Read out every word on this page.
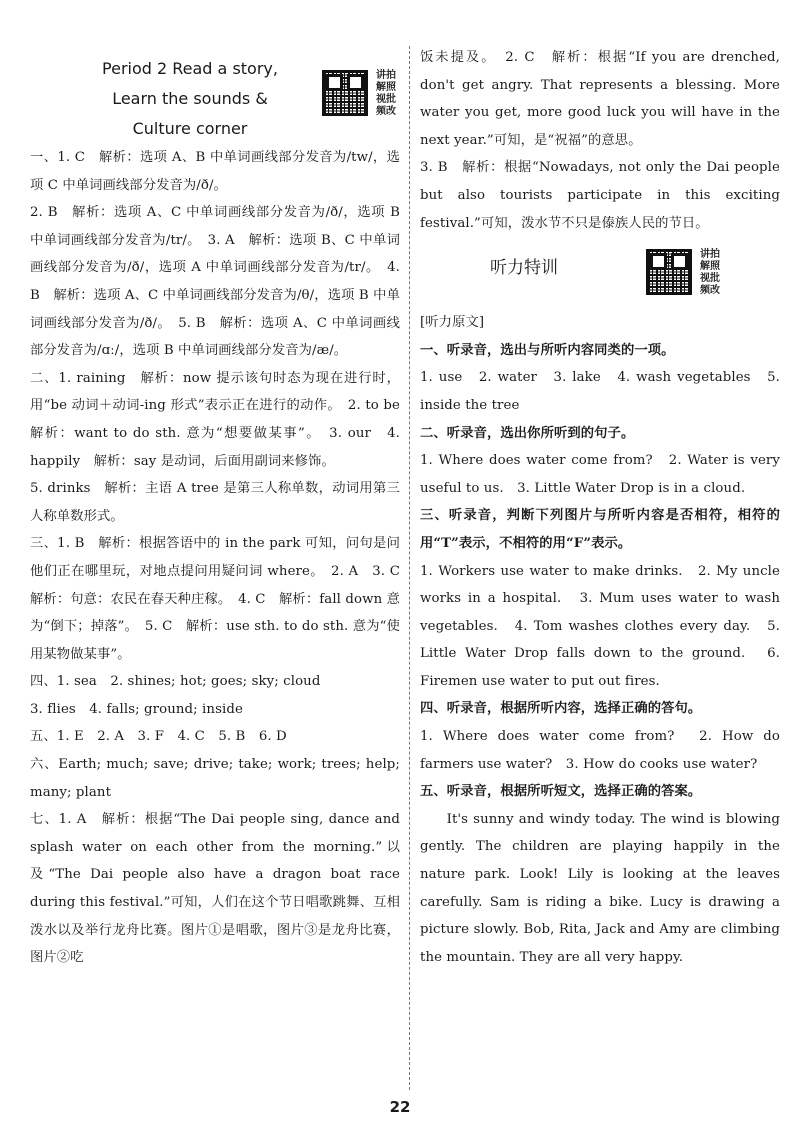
Period 2 Read a story,
Learn the sounds &
Culture corner
讲拍
解照
视批
频改

一、1. C　解析：选项 A、B 中单词画线部分发音为/tw/，选项 C 中单词画线部分发音为/ð/。

2. B　解析：选项 A、C 中单词画线部分发音为/ð/，选项 B 中单词画线部分发音为/tr/。　3. A　解析：选项 B、C 中单词画线部分发音为/ð/，选项 A 中单词画线部分发音为/tr/。　4. B　解析：选项 A、C 中单词画线部分发音为/θ/，选项 B 中单词画线部分发音为/ð/。　5. B　解析：选项 A、C 中单词画线部分发音为/ɑː/，选项 B 中单词画线部分发音为/æ/。

二、1. raining　解析：now 提示该句时态为现在进行时，用“be 动词＋动词-ing 形式”表示正在进行的动作。　2. to be　解析：want to do sth. 意为“想要做某事”。　3. our　4. happily　解析：say 是动词，后面用副词来修饰。

5. drinks　解析：主语 A tree 是第三人称单数，动词用第三人称单数形式。

三、1. B　解析：根据答语中的 in the park 可知，问句是问他们正在哪里玩，对地点提问用疑问词 where。　2. A　3. C　解析：句意：农民在春天种庄稼。　4. C　解析：fall down 意为“倒下；掉落”。　5. C　解析：use sth. to do sth. 意为“使用某物做某事”。

四、1. sea　2. shines; hot; goes; sky; cloud

3. flies　4. falls; ground; inside

五、1. E　2. A　3. F　4. C　5. B　6. D

六、Earth; much; save; drive; take; work; trees; help; many; plant

七、1. A　解析：根据“The Dai people sing, dance and splash water on each other from the morning.”以及“The Dai people also have a dragon boat race during this festival.”可知，人们在这个节日唱歌跳舞、互相泼水以及举行龙舟比赛。图片①是唱歌，图片③是龙舟比赛，图片②吃

饭未提及。　2. C　解析：根据“If you are drenched, don't get angry. That represents a blessing. More water you get, more good luck you will have in the next year.”可知，是“祝福”的意思。

3. B　解析：根据“Nowadays, not only the Dai people but also tourists participate in this exciting festival.”可知，泼水节不只是傣族人民的节日。

听力特训
讲拍
解照
视批
频改

[听力原文]

一、听录音，选出与所听内容同类的一项。

1. use　2. water　3. lake　4. wash vegetables　5. inside the tree

二、听录音，选出你所听到的句子。

1. Where does water come from?　2. Water is very useful to us.　3. Little Water Drop is in a cloud.

三、听录音，判断下列图片与所听内容是否相符，相符的用“T”表示，不相符的用“F”表示。

1. Workers use water to make drinks.　2. My uncle works in a hospital.　3. Mum uses water to wash vegetables.　4. Tom washes clothes every day.　5. Little Water Drop falls down to the ground.　6. Firemen use water to put out fires.

四、听录音，根据所听内容，选择正确的答句。

1. Where does water come from?　2. How do farmers use water?　3. How do cooks use water?

五、听录音，根据所听短文，选择正确的答案。

It's sunny and windy today. The wind is blowing gently. The children are playing happily in the nature park. Look! Lily is looking at the leaves carefully. Sam is riding a bike. Lucy is drawing a picture slowly. Bob, Rita, Jack and Amy are climbing the mountain. They are all very happy.

22
